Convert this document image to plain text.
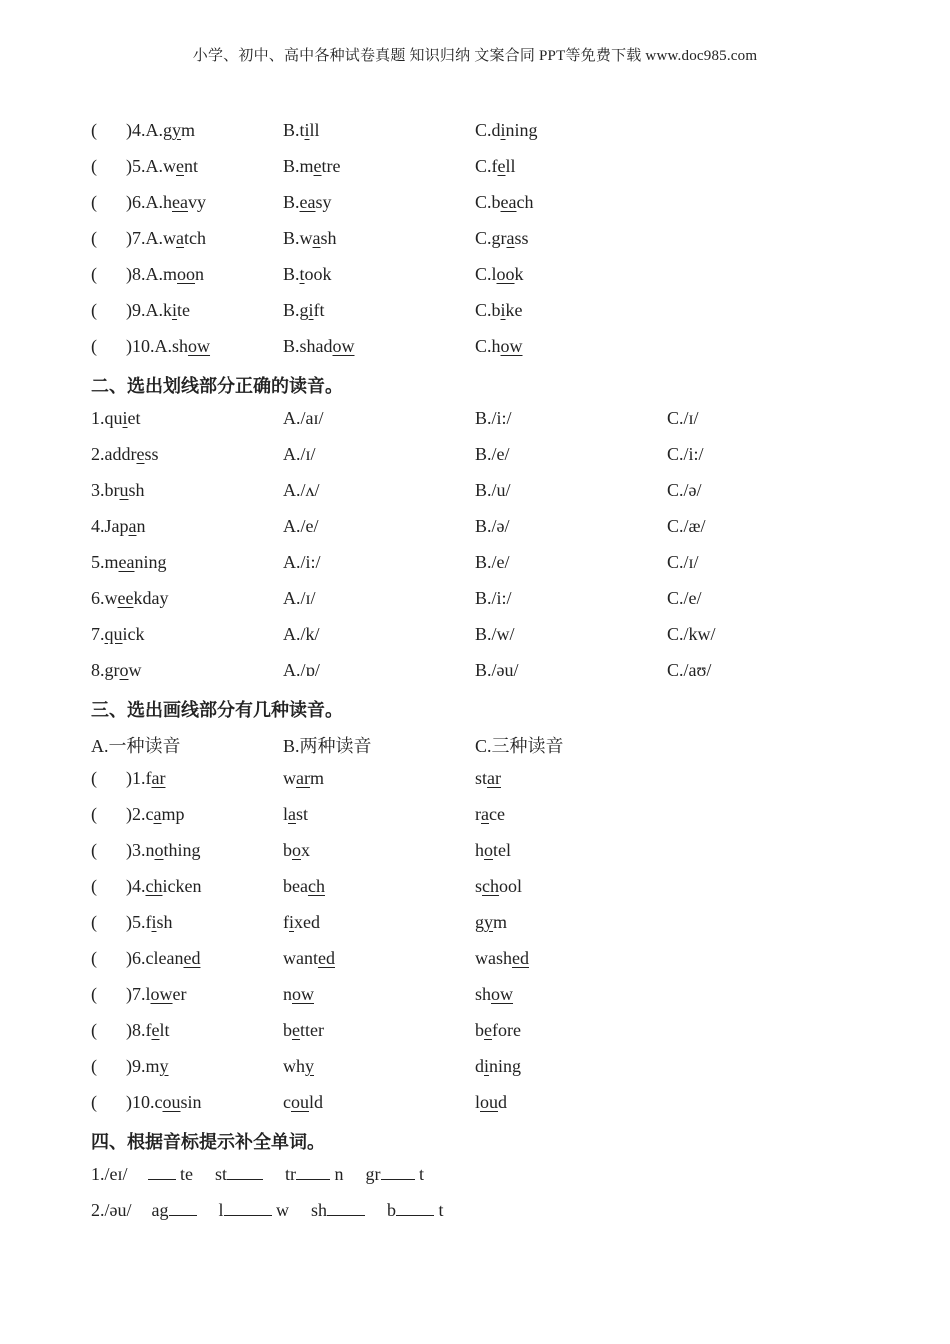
小学、初中、高中各种试卷真题 知识归纳 文案合同 PPT等免费下载 www.doc985.com
( )4.A.gym	B.till	C.dining
( )5.A.went	B.metre	C.fell
( )6.A.heavy	B.easy	C.beach
( )7.A.watch	B.wash	C.grass
( )8.A.moon	B.took	C.look
( )9.A.kite	B.gift	C.bike
( )10.A.show	B.shadow	C.how
二、选出划线部分正确的读音。
1.quiet	A./aɪ/	B./i:/	C./ɪ/
2.address	A./ɪ/	B./e/	C./i:/
3.brush	A./ʌ/	B./u/	C./ə/
4.Japan	A./e/	B./ə/	C./æ/
5.meaning	A./i:/	B./e/	C./ɪ/
6.weekday	A./ɪ/	B./i:/	C./e/
7.quick	A./k/	B./w/	C./kw/
8.grow	A./ɒ/	B./əu/	C./aʊ/
三、选出画线部分有几种读音。
A.一种读音	B.两种读音	C.三种读音
( )1.far	warm	star
( )2.camp	last	race
( )3.nothing	box	hotel
( )4.chicken	beach	school
( )5.fish	fixed	gym
( )6.cleaned	wanted	washed
( )7.lower	now	show
( )8.felt	better	before
( )9.my	why	dining
( )10.cousin	could	loud
四、根据音标提示补全单词。
1./eɪ/	te st	tr n gr t
2./əu/ ag	l	w sh	b t
